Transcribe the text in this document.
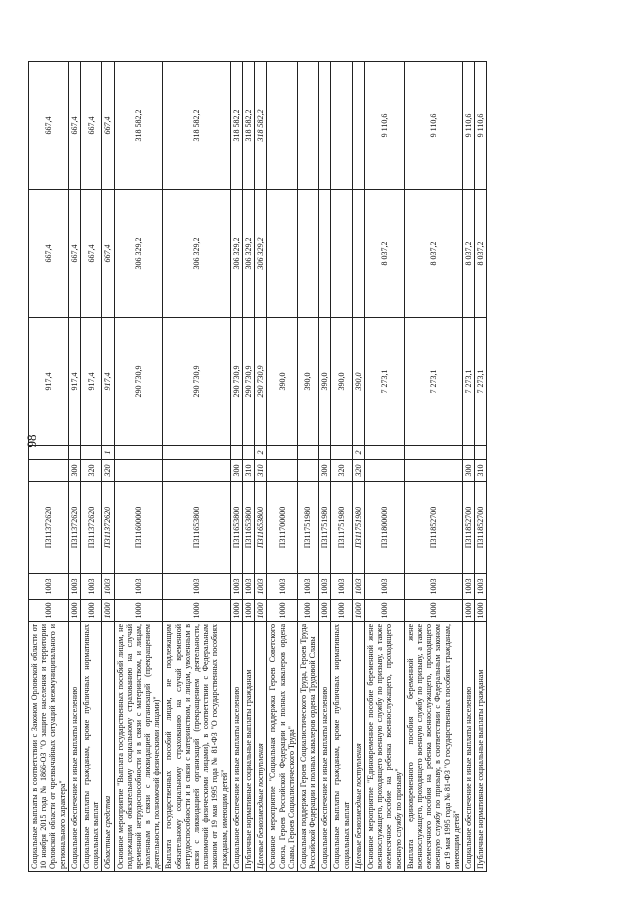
98
Социальные выплаты в соответствии с Законом Орловской области от 10 ноября 2015 года № 1866-ОЗ "О защите населения и территории Орловской области от чрезвычайных ситуаций межмуниципального и регионального характера"	1000	1003	П311372620			917,4	667,4	667,4
Социальное обеспечение и иные выплаты населению	1000	1003	П311372620	300		917,4	667,4	667,4
Социальные выплаты гражданам, кроме публичных нормативных социальных выплат	1000	1003	П311372620	320		917,4	667,4	667,4
Областные средства	1000	1003	П311372620	320	1	917,4	667,4	667,4
Основное мероприятие "Выплата государственных пособий лицам, не подлежащим обязательному социальному страхованию на случай временной нетрудоспособности и в связи с материнством, и лицам, уволенным в связи с ликвидацией организаций (прекращением деятельности, полномочий физическими лицами)"	1000	1003	П311600000			290 730,9	306 329,2	318 582,2
Выплата государственных пособий лицам, не подлежащим обязательному социальному страхованию на случай временной нетрудоспособности и в связи с материнством, и лицам, уволенным в связи с ликвидацией организаций (прекращением деятельности, полномочий физическими лицами), в соответствии с Федеральным законом от 19 мая 1995 года № 81-ФЗ "О государственных пособиях гражданам, имеющим детей"	1000	1003	П311653800			290 730,9	306 329,2	318 582,2
Социальное обеспечение и иные выплаты населению	1000	1003	П311653800	300		290 730,9	306 329,2	318 582,2
Публичные нормативные социальные выплаты гражданам	1000	1003	П311653800	310		290 730,9	306 329,2	318 582,2
Целевые безвозмездные поступления	1000	1003	П311653800	310	2	290 730,9	306 329,2	318 582,2
Основное мероприятие "Социальная поддержка Героев Советского Союза, Героев Российской Федерации и полных кавалеров ордена Славы, Героев Социалистического Труда"	1000	1003	П311700000			390,0		
Социальная поддержка Героев Социалистического Труда, Героев Труда Российской Федерации и полных кавалеров ордена Трудовой Славы	1000	1003	П311751980			390,0		
Социальное обеспечение и иные выплаты населению	1000	1003	П311751980	300		390,0		
Социальные выплаты гражданам, кроме публичных нормативных социальных выплат	1000	1003	П311751980	320		390,0		
Целевые безвозмездные поступления	1000	1003	П311751980	320	2	390,0		
Основное мероприятие "Единовременное пособие беременной жене военнослужащего, проходящего военную службу по призыву, а также ежемесячное пособие на ребенка военнослужащего, проходящего военную службу по призыву"	1000	1003	П311800000			7 273,1	8 037,2	9 110,6
Выплата единовременного пособия беременной жене военнослужащего, проходящего военную службу по призыву, а также ежемесячного пособия на ребенка военнослужащего, проходящего военную службу по призыву, в соответствии с Федеральным законом от 19 мая 1995 года № 81-ФЗ "О государственных пособиях гражданам, имеющим детей"	1000	1003	П311852700			7 273,1	8 037,2	9 110,6
Социальное обеспечение и иные выплаты населению	1000	1003	П311852700	300		7 273,1	8 037,2	9 110,6
Публичные нормативные социальные выплаты гражданам	1000	1003	П311852700	310		7 273,1	8 037,2	9 110,6
